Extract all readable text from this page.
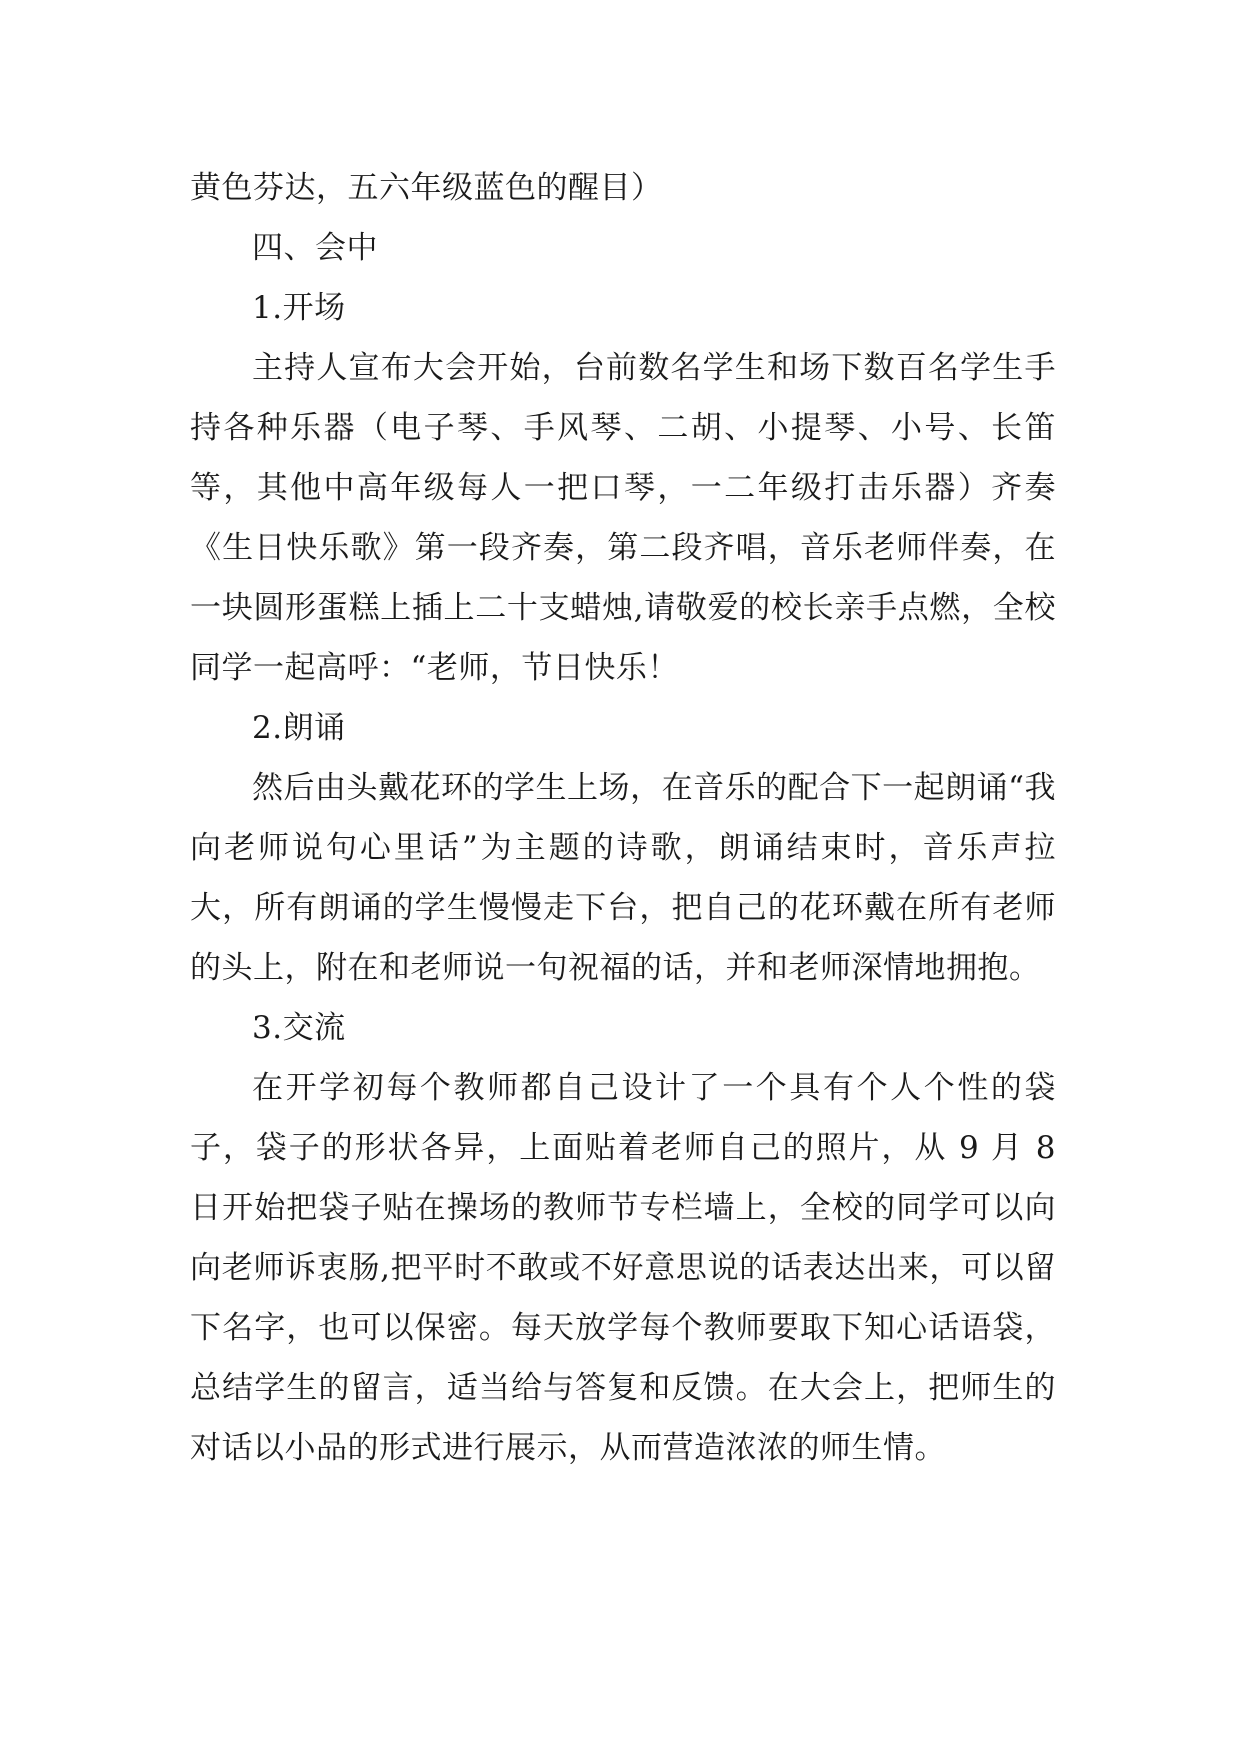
黄色芬达，五六年级蓝色的醒目）

四、会中

1.开场

主持人宣布大会开始，台前数名学生和场下数百名学生手持各种乐器（电子琴、手风琴、二胡、小提琴、小号、长笛等，其他中高年级每人一把口琴，一二年级打击乐器）齐奏《生日快乐歌》第一段齐奏，第二段齐唱，音乐老师伴奏，在一块圆形蛋糕上插上二十支蜡烛,请敬爱的校长亲手点燃，全校同学一起高呼：“老师，节日快乐！

2.朗诵

然后由头戴花环的学生上场，在音乐的配合下一起朗诵“我向老师说句心里话”为主题的诗歌，朗诵结束时，音乐声拉大，所有朗诵的学生慢慢走下台，把自己的花环戴在所有老师的头上，附在和老师说一句祝福的话，并和老师深情地拥抱。

3.交流

在开学初每个教师都自己设计了一个具有个人个性的袋子，袋子的形状各异，上面贴着老师自己的照片，从 9 月 8 日开始把袋子贴在操场的教师节专栏墙上，全校的同学可以向向老师诉衷肠,把平时不敢或不好意思说的话表达出来，可以留下名字，也可以保密。每天放学每个教师要取下知心话语袋，总结学生的留言，适当给与答复和反馈。在大会上，把师生的对话以小品的形式进行展示，从而营造浓浓的师生情。
